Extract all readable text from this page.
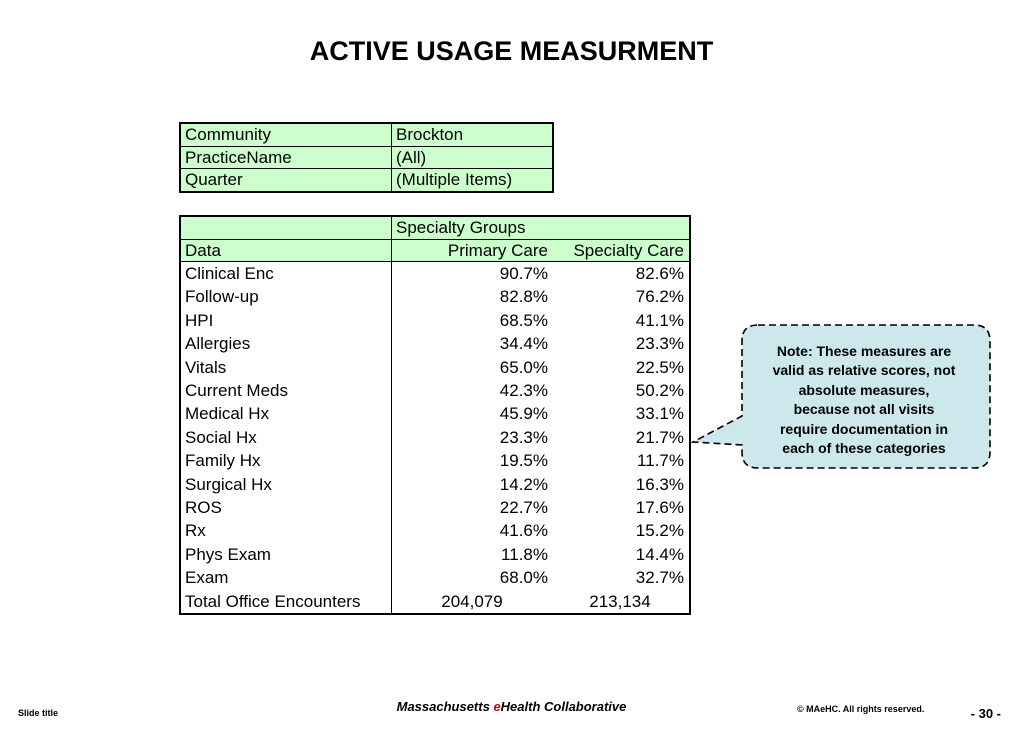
ACTIVE USAGE MEASURMENT
Community	Brockton
PracticeName	(All)
Quarter	(Multiple Items)
	Specialty Groups	
Data	Primary Care	Specialty Care
Clinical Enc	90.7%	82.6%
Follow-up	82.8%	76.2%
HPI	68.5%	41.1%
Allergies	34.4%	23.3%
Vitals	65.0%	22.5%
Current Meds	42.3%	50.2%
Medical Hx	45.9%	33.1%
Social Hx	23.3%	21.7%
Family Hx	19.5%	11.7%
Surgical Hx	14.2%	16.3%
ROS	22.7%	17.6%
Rx	41.6%	15.2%
Phys Exam	11.8%	14.4%
Exam	68.0%	32.7%
Total Office Encounters	204,079	213,134
Note: These measures are
valid as relative scores, not
absolute measures,
because not all visits
require documentation in
each of these categories
Slide title	Massachusetts eHealth Collaborative	© MAeHC. All rights reserved.	- 30 -
